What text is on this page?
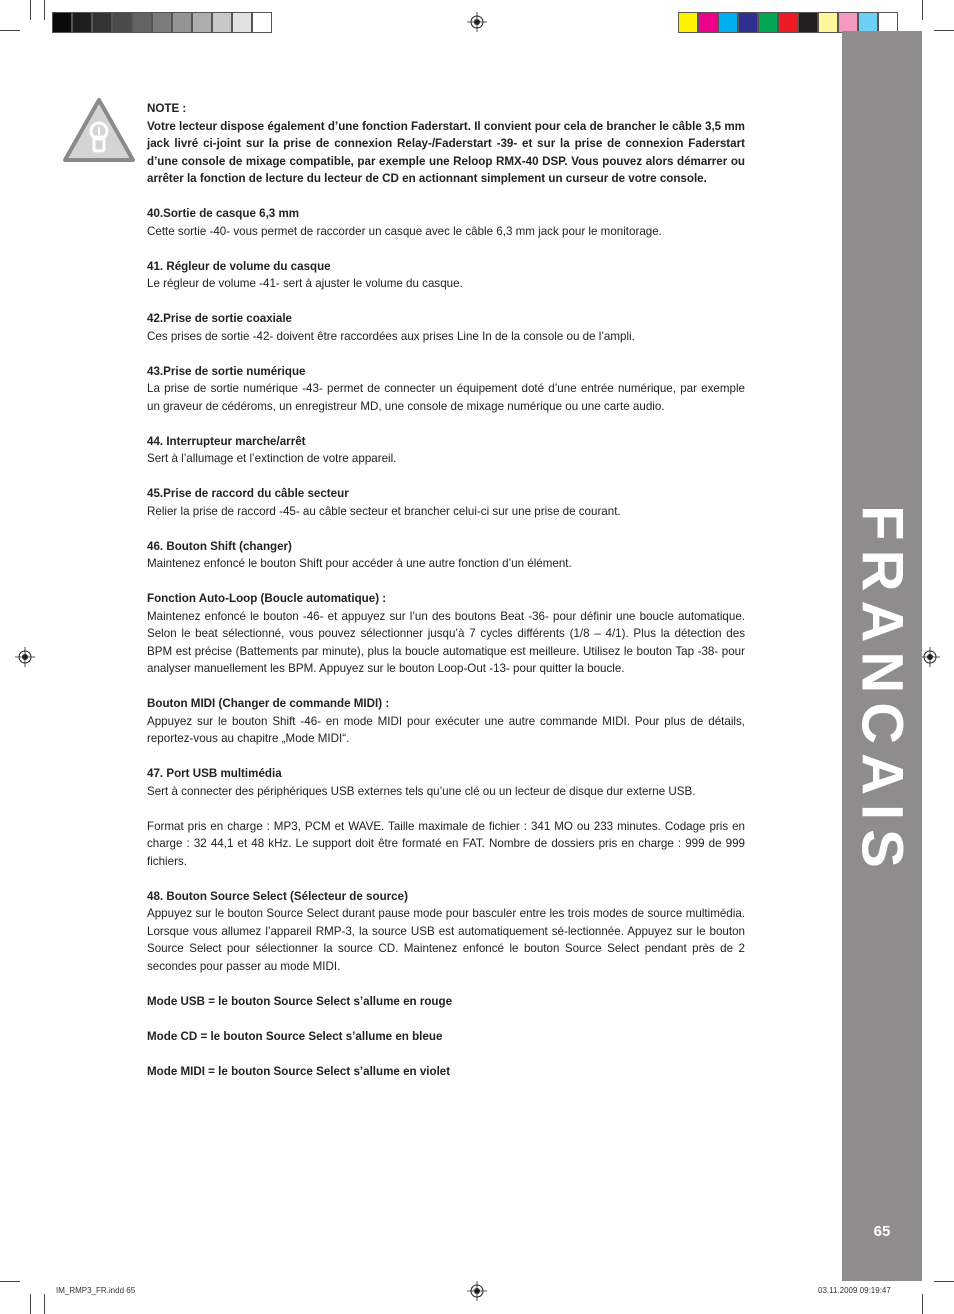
FRANCAIS
65

NOTE :

Votre lecteur dispose également d’une fonction Faderstart. Il convient pour cela de brancher le câble 3,5 mm jack livré ci-joint sur la prise de connexion Relay-/Faderstart -39- et sur la prise de connexion Faderstart d’une console de mixage compatible, par exemple une Reloop RMX-40 DSP. Vous pouvez alors démarrer ou arrêter la fonction de lecture du lecteur de CD en actionnant simplement un curseur de votre console.

40.Sortie de casque 6,3 mm

Cette sortie -40- vous permet de raccorder un casque avec le câble 6,3 mm jack pour le monitorage.

41. Régleur de volume du casque

Le régleur de volume -41- sert à ajuster le volume du casque.

42.Prise de sortie coaxiale

Ces prises de sortie -42- doivent être raccordées aux prises Line In de la console ou de l’ampli.

43.Prise de sortie numérique

La prise de sortie numérique -43- permet de connecter un équipement doté d’une entrée numérique, par exemple un graveur de cédéroms, un enregistreur MD, une console de mixage numérique ou une carte audio.

44. Interrupteur marche/arrêt

Sert à l’allumage et l’extinction de votre appareil.

45.Prise de raccord du câble secteur

Relier la prise de raccord -45- au câble secteur et brancher celui-ci sur une prise de courant.

46. Bouton Shift (changer)

Maintenez enfoncé le bouton Shift pour accéder à une autre fonction d’un élément.

Fonction Auto-Loop (Boucle automatique) :

Maintenez enfoncé le bouton -46- et appuyez sur l’un des boutons Beat -36- pour définir une boucle automatique. Selon le beat sélectionné, vous pouvez sélectionner jusqu’à 7 cycles différents (1/8 – 4/1). Plus la détection des BPM est précise (Battements par minute), plus la boucle automatique est meilleure. Utilisez le bouton Tap -38- pour analyser manuellement les BPM. Appuyez sur le bouton Loop-Out -13- pour quitter la boucle.

Bouton MIDI (Changer de commande MIDI) :

Appuyez sur le bouton Shift -46- en mode MIDI pour exécuter une autre commande MIDI. Pour plus de détails, reportez-vous au chapitre „Mode MIDI“.

47. Port USB multimédia

Sert à connecter des périphériques USB externes tels qu’une clé ou un lecteur de disque dur externe USB.

Format pris en charge : MP3, PCM et WAVE. Taille maximale de fichier : 341 MO ou 233 minutes. Codage pris en charge : 32 44,1 et 48 kHz. Le support doit être formaté en FAT. Nombre de dossiers pris en charge : 999 de 999 fichiers.

48. Bouton Source Select (Sélecteur de source)

Appuyez sur le bouton Source Select durant pause mode pour basculer entre les trois modes de source multimédia. Lorsque vous allumez l’appareil RMP-3, la source USB est automatiquement sé-lectionnée. Appuyez sur le bouton Source Select pour sélectionner la source CD. Maintenez enfoncé le bouton Source Select pendant près de 2 secondes pour passer au mode MIDI.

Mode USB = le bouton Source Select s’allume en rouge

Mode CD = le bouton Source Select s’allume en bleue

Mode MIDI = le bouton Source Select s’allume en violet

IM_RMP3_FR.indd 65	03.11.2009 09:19:47
